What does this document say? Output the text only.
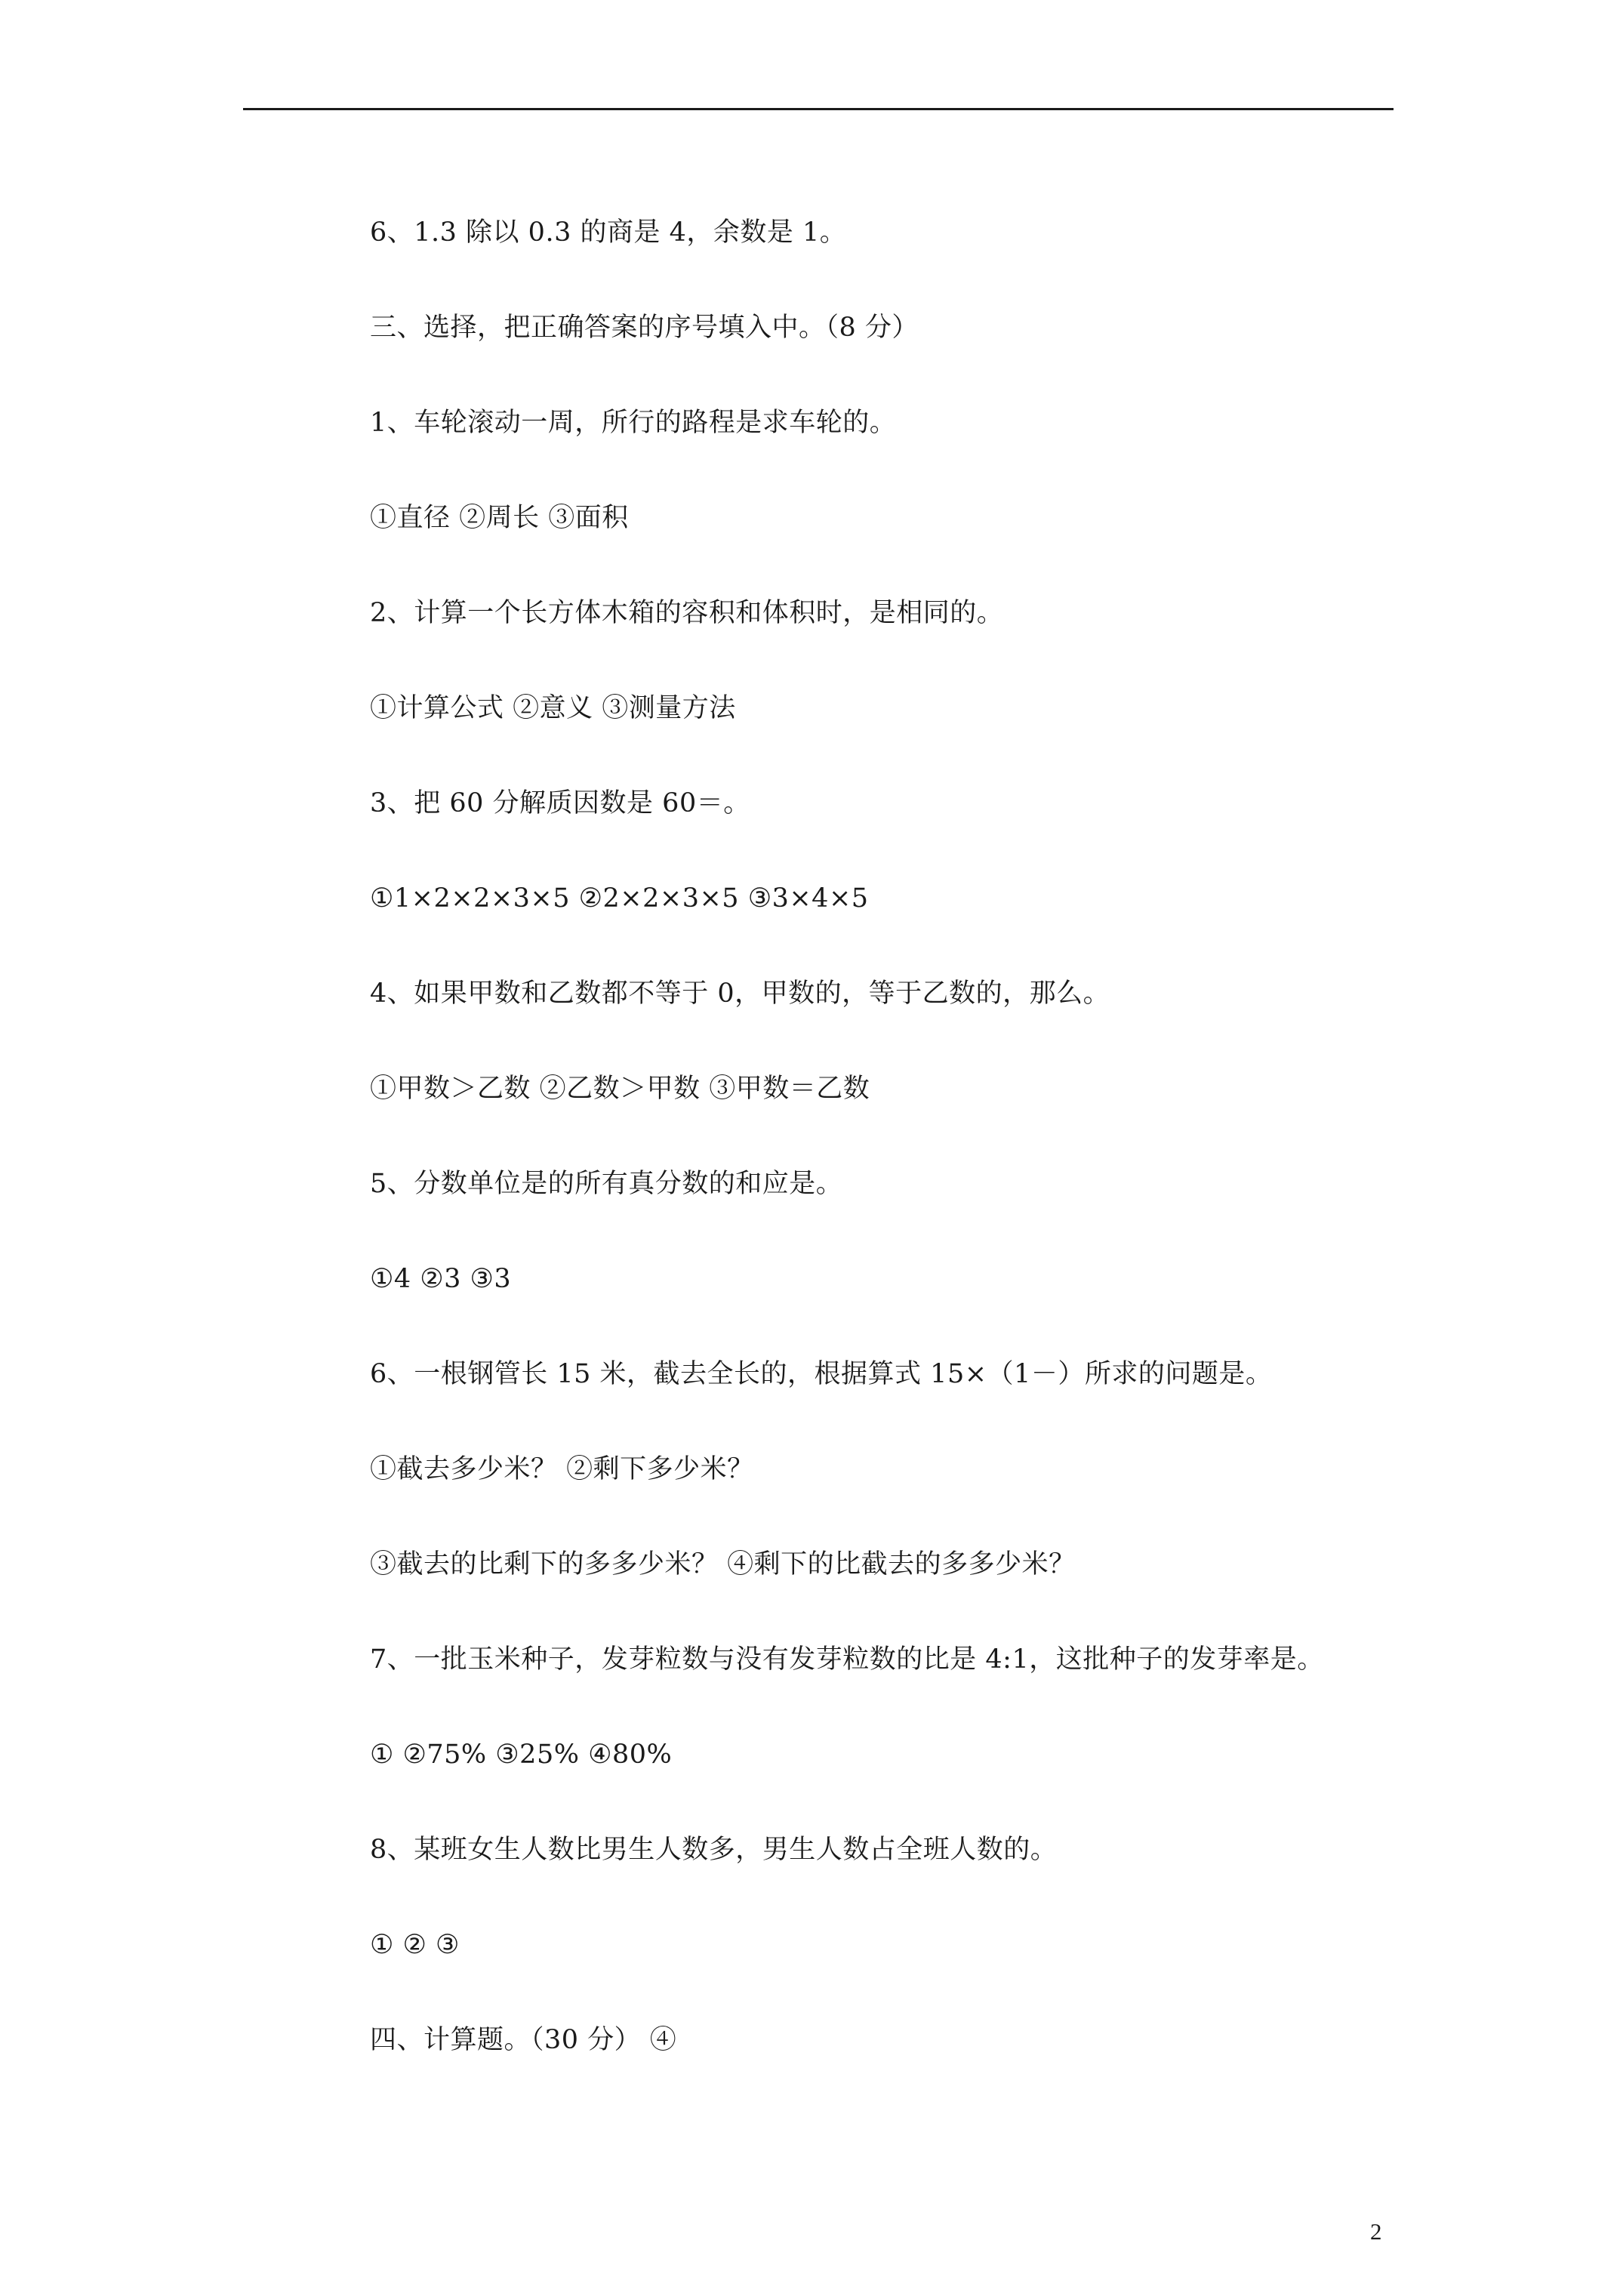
6、1.3 除以 0.3 的商是 4，余数是 1。
三、选择，把正确答案的序号填入中。（8 分）
1、车轮滚动一周，所行的路程是求车轮的。
①直径 ②周长 ③面积
2、计算一个长方体木箱的容积和体积时，是相同的。
①计算公式 ②意义 ③测量方法
3、把 60 分解质因数是 60＝。
①1×2×2×3×5 ②2×2×3×5 ③3×4×5
4、如果甲数和乙数都不等于 0，甲数的，等于乙数的，那么。
①甲数＞乙数 ②乙数＞甲数 ③甲数＝乙数
5、分数单位是的所有真分数的和应是。
①4 ②3 ③3
6、一根钢管长 15 米，截去全长的，根据算式 15×（1－）所求的问题是。
①截去多少米？ ②剩下多少米？
③截去的比剩下的多多少米？ ④剩下的比截去的多多少米？
7、一批玉米种子，发芽粒数与没有发芽粒数的比是 4:1，这批种子的发芽率是。
① ②75% ③25% ④80%
8、某班女生人数比男生人数多，男生人数占全班人数的。
① ② ③
四、计算题。（30 分） ④
2
